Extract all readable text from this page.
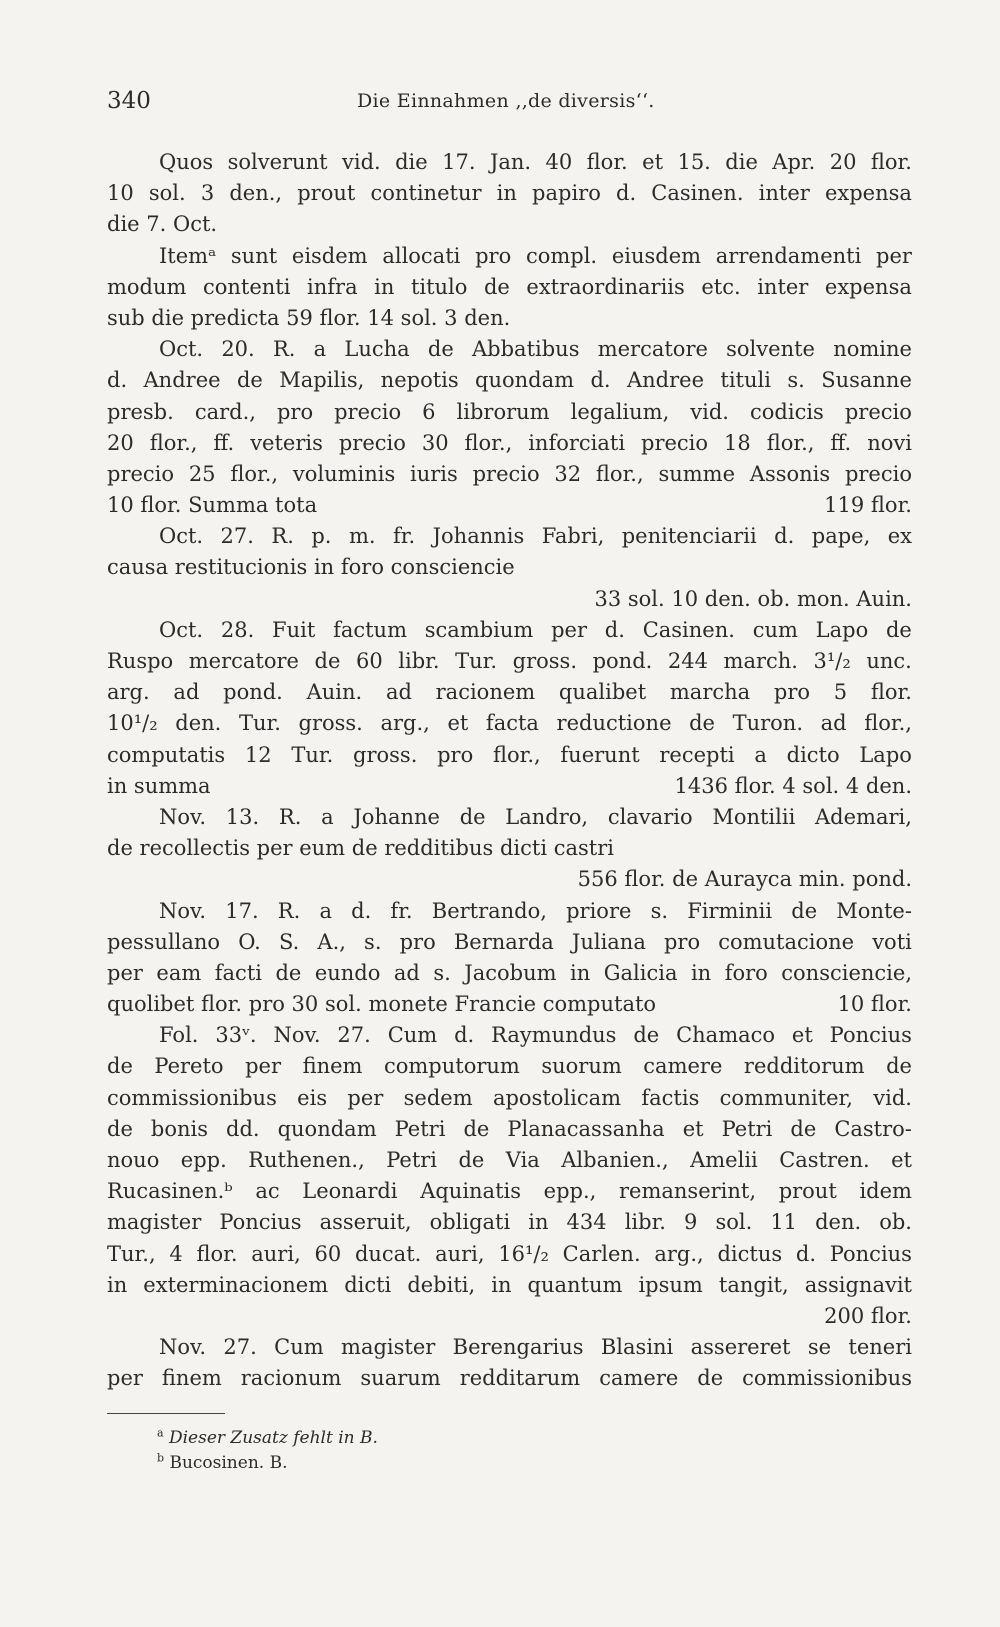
340	Die Einnahmen ‚‚de diversis‘‘.
Quos solverunt vid. die 17. Jan. 40 flor. et 15. die Apr. 20 flor.
10 sol. 3 den., prout continetur in papiro d. Casinen. inter expensa
die 7. Oct.
Itemᵃ sunt eisdem allocati pro compl. eiusdem arrendamenti per
modum contenti infra in titulo de extraordinariis etc. inter expensa
sub die predicta 59 flor. 14 sol. 3 den.
Oct. 20. R. a Lucha de Abbatibus mercatore solvente nomine
d. Andree de Mapilis, nepotis quondam d. Andree tituli s. Susanne
presb. card., pro precio 6 librorum legalium, vid. codicis precio
20 flor., ff. veteris precio 30 flor., inforciati precio 18 flor., ff. novi
precio 25 flor., voluminis iuris precio 32 flor., summe Assonis precio
10 flor. Summa tota	119 flor.
Oct. 27. R. p. m. fr. Johannis Fabri, penitenciarii d. pape, ex
causa restitucionis in foro consciencie
33 sol. 10 den. ob. mon. Auin.
Oct. 28. Fuit factum scambium per d. Casinen. cum Lapo de
Ruspo mercatore de 60 libr. Tur. gross. pond. 244 march. 3¹/₂ unc.
arg. ad pond. Auin. ad racionem qualibet marcha pro 5 flor.
10¹/₂ den. Tur. gross. arg., et facta reductione de Turon. ad flor.,
computatis 12 Tur. gross. pro flor., fuerunt recepti a dicto Lapo
in summa	1436 flor. 4 sol. 4 den.
Nov. 13. R. a Johanne de Landro, clavario Montilii Ademari,
de recollectis per eum de redditibus dicti castri
556 flor. de Aurayca min. pond.
Nov. 17. R. a d. fr. Bertrando, priore s. Firminii de Monte-
pessullano O. S. A., s. pro Bernarda Juliana pro comutacione voti
per eam facti de eundo ad s. Jacobum in Galicia in foro consciencie,
quolibet flor. pro 30 sol. monete Francie computato	10 flor.
Fol. 33ᵛ. Nov. 27. Cum d. Raymundus de Chamaco et Poncius
de Pereto per finem computorum suorum camere redditorum de
commissionibus eis per sedem apostolicam factis communiter, vid.
de bonis dd. quondam Petri de Planacassanha et Petri de Castro-
nouo epp. Ruthenen., Petri de Via Albanien., Amelii Castren. et
Rucasinen.ᵇ ac Leonardi Aquinatis epp., remanserint, prout idem
magister Poncius asseruit, obligati in 434 libr. 9 sol. 11 den. ob.
Tur., 4 flor. auri, 60 ducat. auri, 16¹/₂ Carlen. arg., dictus d. Poncius
in exterminacionem dicti debiti, in quantum ipsum tangit, assignavit
200 flor.
Nov. 27. Cum magister Berengarius Blasini assereret se teneri
per finem racionum suarum redditarum camere de commissionibus
$^a$ Dieser Zusatz fehlt in B.
$^b$ Bucosinen. B.
